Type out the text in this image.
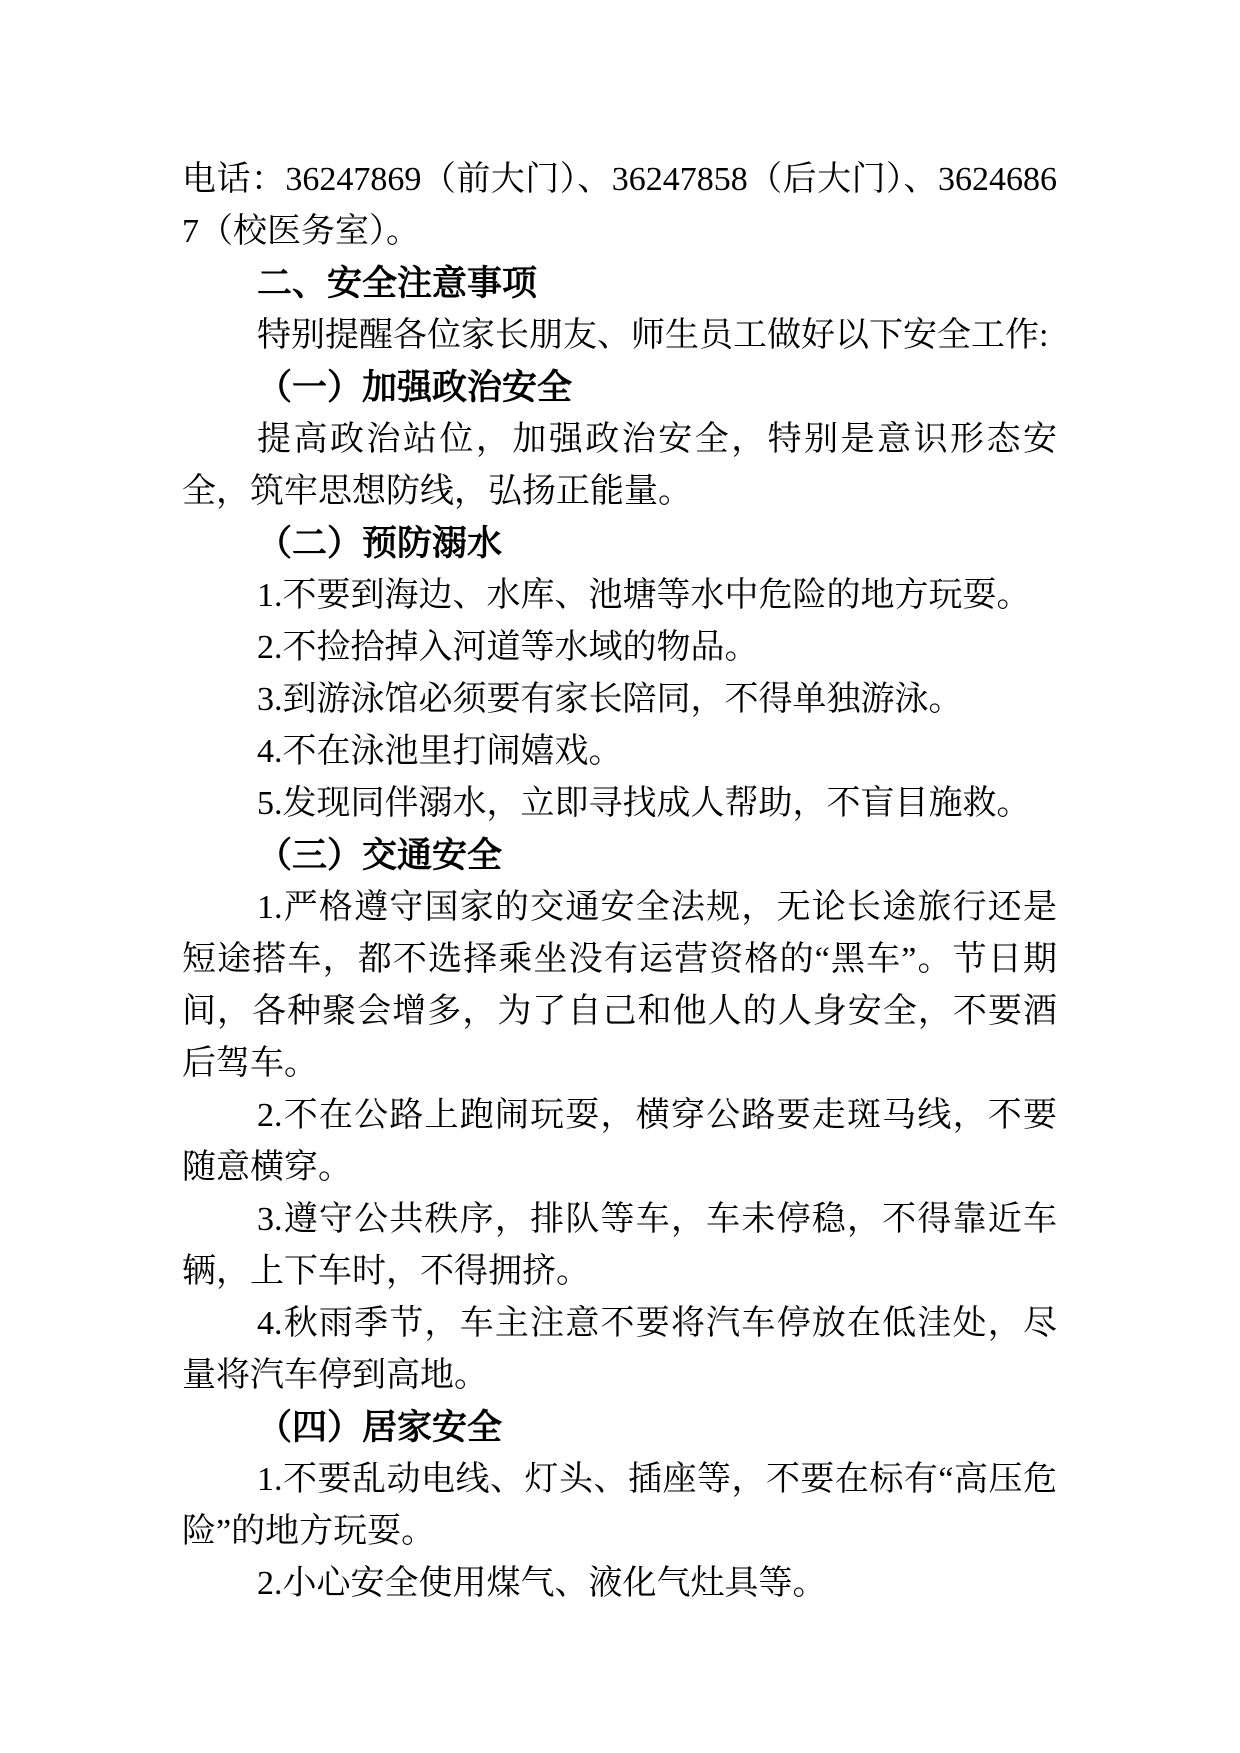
电话：36247869（前大门）、36247858（后大门）、36246867（校医务室）。

二、安全注意事项

特别提醒各位家长朋友、师生员工做好以下安全工作:

（一）加强政治安全

提高政治站位，加强政治安全，特别是意识形态安全，筑牢思想防线，弘扬正能量。

（二）预防溺水

1.不要到海边、水库、池塘等水中危险的地方玩耍。

2.不捡拾掉入河道等水域的物品。

3.到游泳馆必须要有家长陪同，不得单独游泳。

4.不在泳池里打闹嬉戏。

5.发现同伴溺水，立即寻找成人帮助，不盲目施救。

（三）交通安全

1.严格遵守国家的交通安全法规，无论长途旅行还是短途搭车，都不选择乘坐没有运营资格的“黑车”。节日期间，各种聚会增多，为了自己和他人的人身安全，不要酒后驾车。

2.不在公路上跑闹玩耍，横穿公路要走斑马线，不要随意横穿。

3.遵守公共秩序，排队等车，车未停稳，不得靠近车辆，上下车时，不得拥挤。

4.秋雨季节，车主注意不要将汽车停放在低洼处，尽量将汽车停到高地。

（四）居家安全

1.不要乱动电线、灯头、插座等，不要在标有“高压危险”的地方玩耍。

2.小心安全使用煤气、液化气灶具等。
